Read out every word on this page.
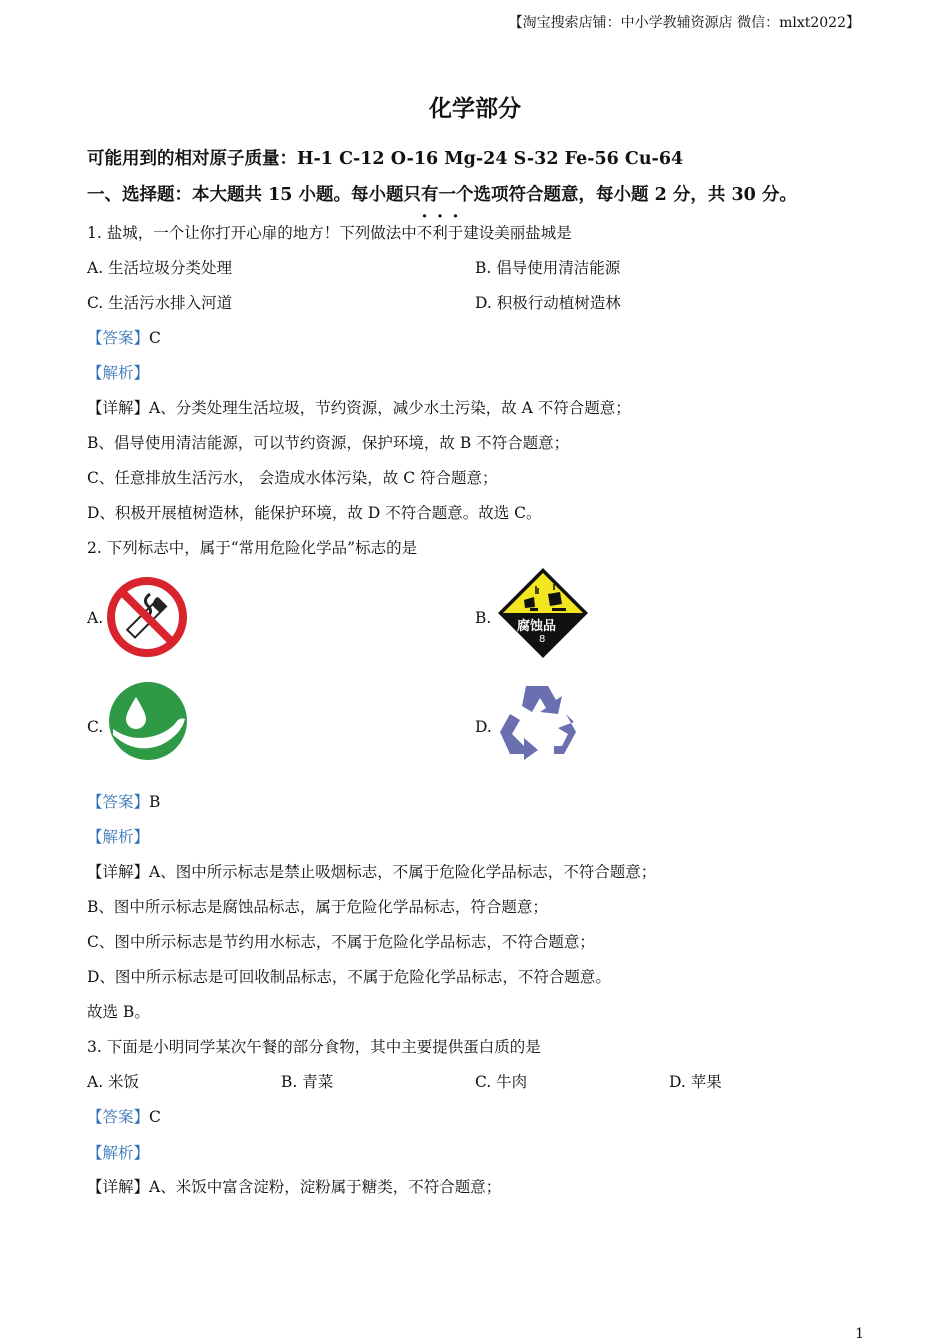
【淘宝搜索店铺：中小学教辅资源店 微信：mlxt2022】
化学部分
可能用到的相对原子质量：H-1 C-12 O-16 Mg-24 S-32 Fe-56 Cu-64
一、选择题：本大题共 15 小题。每小题只有一个选项符合题意，每小题 2 分，共 30 分。
1. 盐城，一个让你打开心扉的地方！下列做法中不利于建设美丽盐城是
A. 生活垃圾分类处理	B. 倡导使用清洁能源
C. 生活污水排入河道	D. 积极行动植树造林
【答案】C
【解析】
【详解】A、分类处理生活垃圾，节约资源，减少水土污染，故 A 不符合题意；
B、倡导使用清洁能源，可以节约资源，保护环境，故 B 不符合题意；
C、任意排放生活污水， 会造成水体污染，故 C 符合题意；
D、积极开展植树造林，能保护环境，故 D 不符合题意。故选 C。
2. 下列标志中，属于“常用危险化学品”标志的是
A.	B. 腐蚀品
8
C.	D.
【答案】B
【解析】
【详解】A、图中所示标志是禁止吸烟标志，不属于危险化学品标志，不符合题意；
B、图中所示标志是腐蚀品标志，属于危险化学品标志，符合题意；
C、图中所示标志是节约用水标志，不属于危险化学品标志，不符合题意；
D、图中所示标志是可回收制品标志，不属于危险化学品标志，不符合题意。
故选 B。
3. 下面是小明同学某次午餐的部分食物，其中主要提供蛋白质的是
A. 米饭	B. 青菜	C. 牛肉	D. 苹果
【答案】C
【解析】
【详解】A、米饭中富含淀粉，淀粉属于糖类，不符合题意；
1
